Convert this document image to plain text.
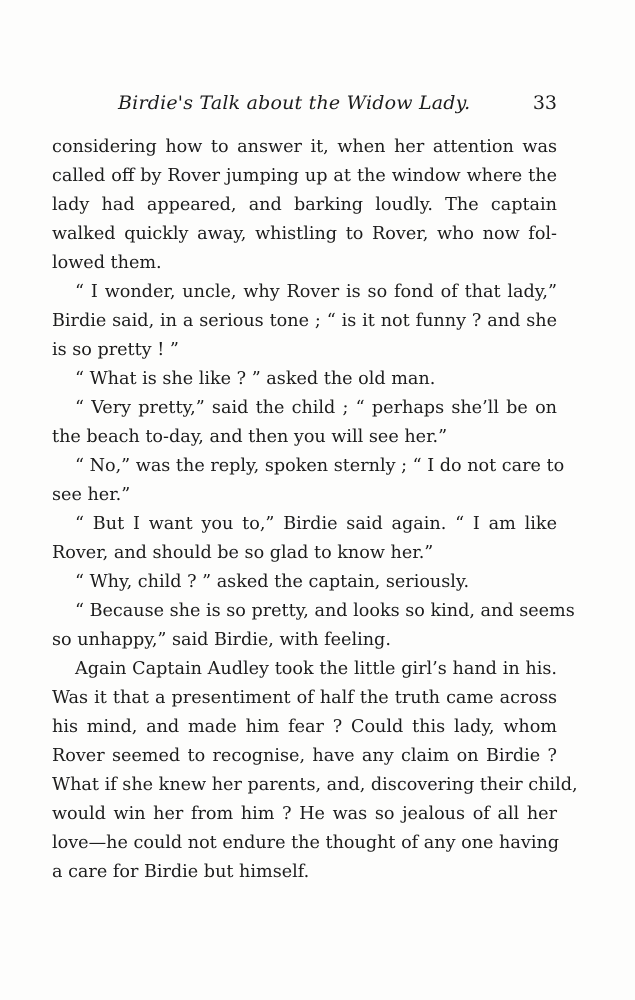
Birdie's Talk about the Widow Lady.	33
considering how to answer it, when her attention was
called off by Rover jumping up at the window where the
lady had appeared, and barking loudly. The captain
walked quickly away, whistling to Rover, who now fol-
lowed them.
“ I wonder, uncle, why Rover is so fond of that lady,”
Birdie said, in a serious tone ; “ is it not funny ? and she
is so pretty ! ”
“ What is she like ? ” asked the old man.
“ Very pretty,” said the child ; “ perhaps she’ll be on
the beach to-day, and then you will see her.”
“ No,” was the reply, spoken sternly ; “ I do not care to
see her.”
“ But I want you to,” Birdie said again. “ I am like
Rover, and should be so glad to know her.”
“ Why, child ? ” asked the captain, seriously.
“ Because she is so pretty, and looks so kind, and seems
so unhappy,” said Birdie, with feeling.
Again Captain Audley took the little girl’s hand in his.
Was it that a presentiment of half the truth came across
his mind, and made him fear ? Could this lady, whom
Rover seemed to recognise, have any claim on Birdie ?
What if she knew her parents, and, discovering their child,
would win her from him ? He was so jealous of all her
love—he could not endure the thought of any one having
a care for Birdie but himself.
